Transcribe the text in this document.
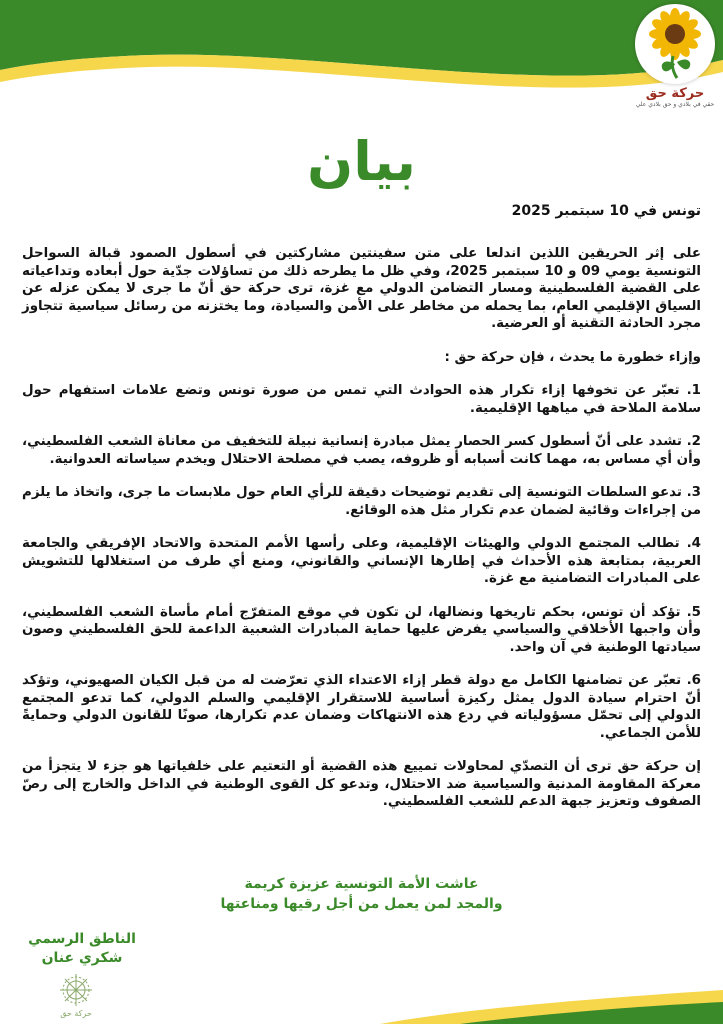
حركة حق
حقي في بلادي و حق بلادي علي
بيان
تونس في 10 سبتمبر 2025

على إثر الحريقين اللذين اندلعا على متن سفينتين مشاركتين في أسطول الصمود قبالة السواحل التونسية يومي 09 و 10 سبتمبر 2025، وفي ظل ما يطرحه ذلك من تساؤلات جدّية حول أبعاده وتداعياته على القضية الفلسطينية ومسار التضامن الدولي مع غزة، ترى حركة حق أنّ ما جرى لا يمكن عزله عن السياق الإقليمي العام، بما يحمله من مخاطر على الأمن والسيادة، وما يختزنه من رسائل سياسية تتجاوز مجرد الحادثة التقنية أو العرضية.

وإزاء خطورة ما يحدث ، فإن حركة حق :

1. تعبّر عن تخوفها إزاء تكرار هذه الحوادث التي تمس من صورة تونس وتضع علامات استفهام حول سلامة الملاحة في مياهها الإقليمية.

2. تشدد على أنّ أسطول كسر الحصار يمثل مبادرة إنسانية نبيلة للتخفيف من معاناة الشعب الفلسطيني، وأن أي مساس به، مهما كانت أسبابه أو ظروفه، يصب في مصلحة الاحتلال ويخدم سياساته العدوانية.

3. تدعو السلطات التونسية إلى تقديم توضيحات دقيقة للرأي العام حول ملابسات ما جرى، واتخاذ ما يلزم من إجراءات وقائية لضمان عدم تكرار مثل هذه الوقائع.

4. تطالب المجتمع الدولي والهيئات الإقليمية، وعلى رأسها الأمم المتحدة والاتحاد الإفريقي والجامعة العربية، بمتابعة هذه الأحداث في إطارها الإنساني والقانوني، ومنع أي طرف من استغلالها للتشويش على المبادرات التضامنية مع غزة.

5. تؤكد أن تونس، بحكم تاريخها ونضالها، لن تكون في موقع المتفرّج أمام مأساة الشعب الفلسطيني، وأن واجبها الأخلاقي والسياسي يفرض عليها حماية المبادرات الشعبية الداعمة للحق الفلسطيني وصون سيادتها الوطنية في آن واحد.

6. تعبّر عن تضامنها الكامل مع دولة قطر إزاء الاعتداء الذي تعرّضت له من قبل الكيان الصهيوني، وتؤكد أنّ احترام سيادة الدول يمثل ركيزة أساسية للاستقرار الإقليمي والسلم الدولي، كما تدعو المجتمع الدولي إلى تحمّل مسؤولياته في ردع هذه الانتهاكات وضمان عدم تكرارها، صونًا للقانون الدولي وحمايةً للأمن الجماعي.

إن حركة حق ترى أن التصدّي لمحاولات تمييع هذه القضية أو التعتيم على خلفياتها هو جزء لا يتجزأ من معركة المقاومة المدنية والسياسية ضد الاحتلال، وتدعو كل القوى الوطنية في الداخل والخارج إلى رصّ الصفوف وتعزيز جبهة الدعم للشعب الفلسطيني.

عاشت الأمة التونسية عزيزة كريمة
والمجد لمن يعمل من أجل رقيها ومناعتها
الناطق الرسمي
شكري عنان
حركة حق
